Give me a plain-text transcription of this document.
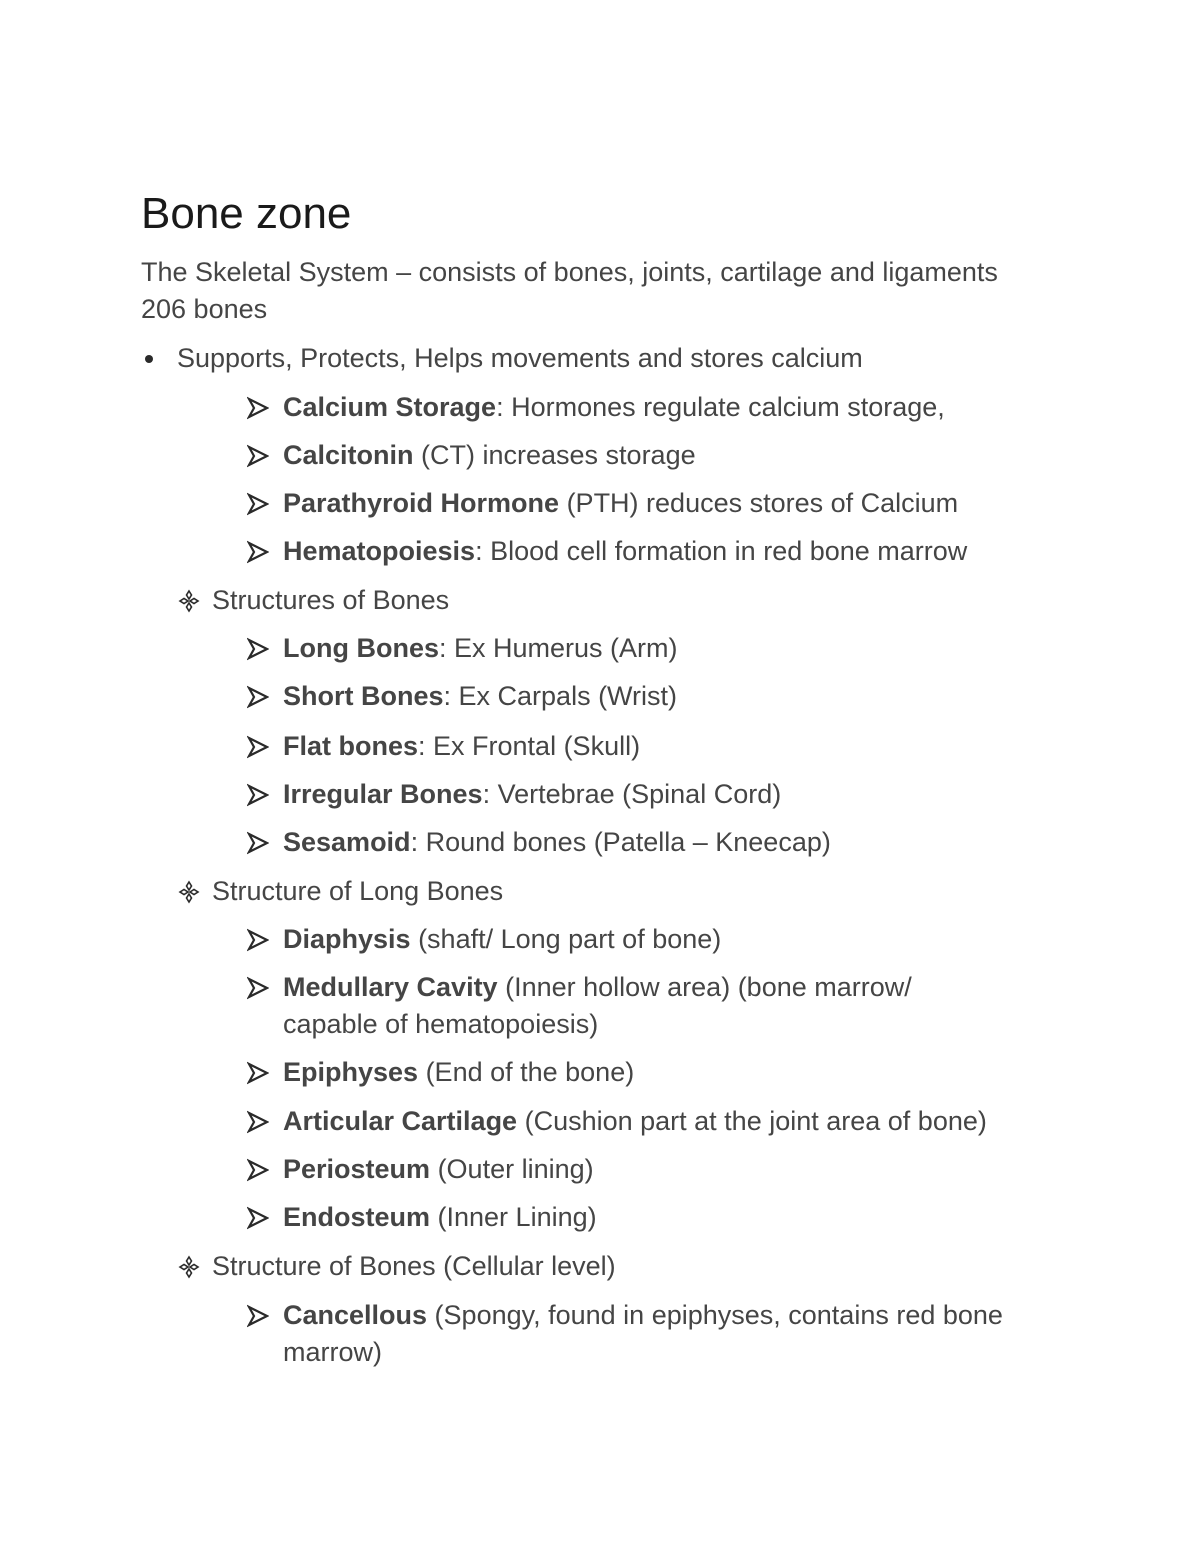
Bone zone
The Skeletal System – consists of bones, joints, cartilage and ligaments 206 bones
Supports, Protects, Helps movements and stores calcium
Calcium Storage: Hormones regulate calcium storage,
Calcitonin (CT) increases storage
Parathyroid Hormone (PTH) reduces stores of Calcium
Hematopoiesis: Blood cell formation in red bone marrow
Structures of Bones
Long Bones: Ex Humerus (Arm)
Short Bones: Ex Carpals (Wrist)
Flat bones: Ex Frontal (Skull)
Irregular Bones: Vertebrae (Spinal Cord)
Sesamoid: Round bones (Patella – Kneecap)
Structure of Long Bones
Diaphysis (shaft/ Long part of bone)
Medullary Cavity (Inner hollow area) (bone marrow/ capable of hematopoiesis)
Epiphyses (End of the bone)
Articular Cartilage (Cushion part at the joint area of bone)
Periosteum (Outer lining)
Endosteum (Inner Lining)
Structure of Bones (Cellular level)
Cancellous (Spongy, found in epiphyses, contains red bone marrow)
